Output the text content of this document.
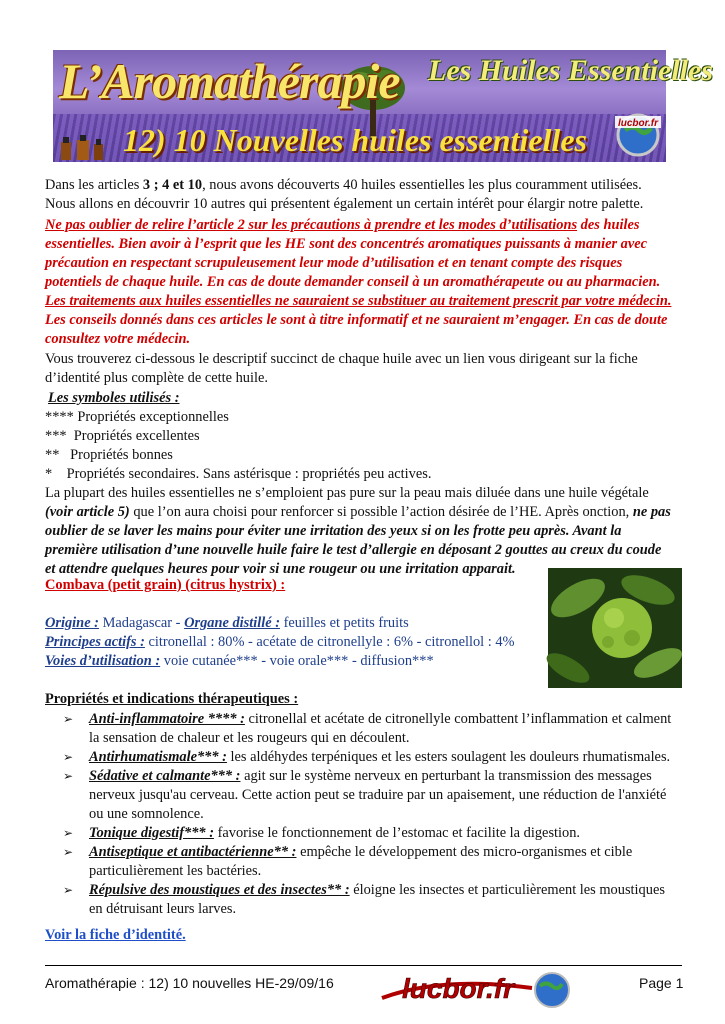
L’Aromathérapie Les Huiles Essentielles
12) 10 Nouvelles huiles essentielles	lucbor.fr
Dans les articles 3 ; 4 et 10, nous avons découverts 40 huiles essentielles les plus couramment utilisées.
Nous allons en découvrir 10 autres qui présentent également un certain intérêt pour élargir notre palette.
Ne pas oublier de relire l’article 2 sur les précautions à prendre et les modes d’utilisations des huiles
essentielles. Bien avoir à l’esprit que les HE sont des concentrés aromatiques puissants à manier avec
précaution en respectant scrupuleusement leur mode d’utilisation et en tenant compte des risques
potentiels de chaque huile. En cas de doute demander conseil à un aromathérapeute ou au pharmacien.
Les traitements aux huiles essentielles ne sauraient se substituer au traitement prescrit par votre médecin.
Les conseils donnés dans ces articles le sont à titre informatif et ne sauraient m’engager. En cas de doute
consultez votre médecin.
Vous trouverez ci-dessous le descriptif succinct de chaque huile avec un lien vous dirigeant sur la fiche
d’identité plus complète de cette huile.
Les symboles utilisés :
**** Propriétés exceptionnelles
***  Propriétés excellentes
**   Propriétés bonnes
*    Propriétés secondaires. Sans astérisque : propriétés peu actives.
La plupart des huiles essentielles ne s’emploient pas pure sur la peau mais diluée dans une huile végétale
(voir article 5) que l’on aura choisi pour renforcer si possible l’action désirée de l’HE. Après onction, ne pas
oublier de se laver les mains pour éviter une irritation des yeux si on les frotte peu après. Avant la
première utilisation d’une nouvelle huile faire le test d’allergie en déposant 2 gouttes au creux du coude
et attendre quelques heures pour voir si une rougeur ou une irritation apparait.
Combava (petit grain) (citrus hystrix) :
Origine : Madagascar - Organe distillé : feuilles et petits fruits
Principes actifs : citronellal : 80% - acétate de citronellyle : 6% - citronellol : 4%
Voies d’utilisation : voie cutanée*** - voie orale*** - diffusion***
Propriétés et indications thérapeutiques :
➢ Anti-inflammatoire **** : citronellal et acétate de citronellyle combattent l’inflammation et calment
la sensation de chaleur et les rougeurs qui en découlent.
➢ Antirhumatismale*** : les aldéhydes terpéniques et les esters soulagent les douleurs rhumatismales.
➢ Sédative et calmante*** : agit sur le système nerveux en perturbant la transmission des messages
nerveux jusqu'au cerveau. Cette action peut se traduire par un apaisement, une réduction de l'anxiété
ou une somnolence.
➢ Tonique digestif*** : favorise le fonctionnement de l’estomac et facilite la digestion.
➢ Antiseptique et antibactérienne** : empêche le développement des micro-organismes et cible
particulièrement les bactéries.
➢ Répulsive des moustiques et des insectes** : éloigne les insectes et particulièrement les moustiques
en détruisant leurs larves.
Voir la fiche d’identité.
Aromathérapie : 12) 10 nouvelles HE-29/09/16 lucbor.fr	Page 1
